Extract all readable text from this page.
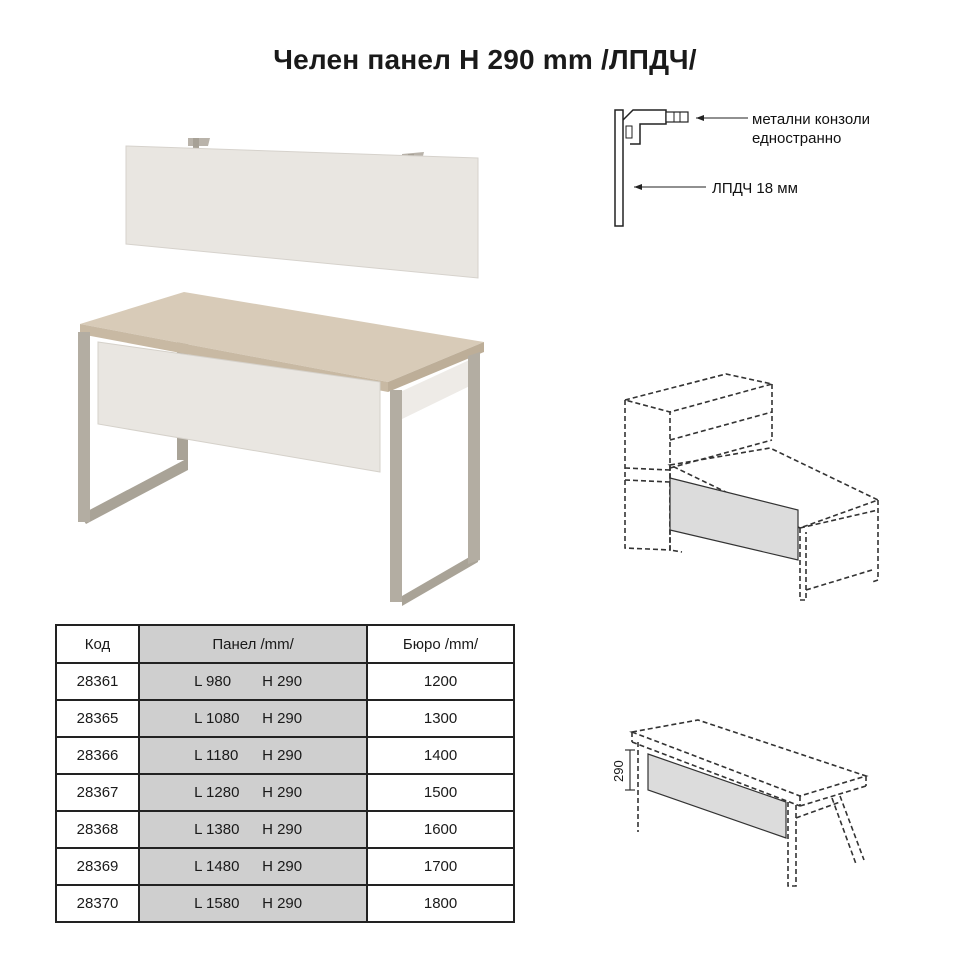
Челен панел H 290 mm /ЛПДЧ/
метални конзоли
едностранно
ЛПДЧ 18 мм
290
Код	Панел /mm/	Бюро /mm/
28361	L 980 H 290	1200
28365	L 1080 H 290	1300
28366	L 1180 H 290	1400
28367	L 1280 H 290	1500
28368	L 1380 H 290	1600
28369	L 1480 H 290	1700
28370	L 1580 H 290	1800
